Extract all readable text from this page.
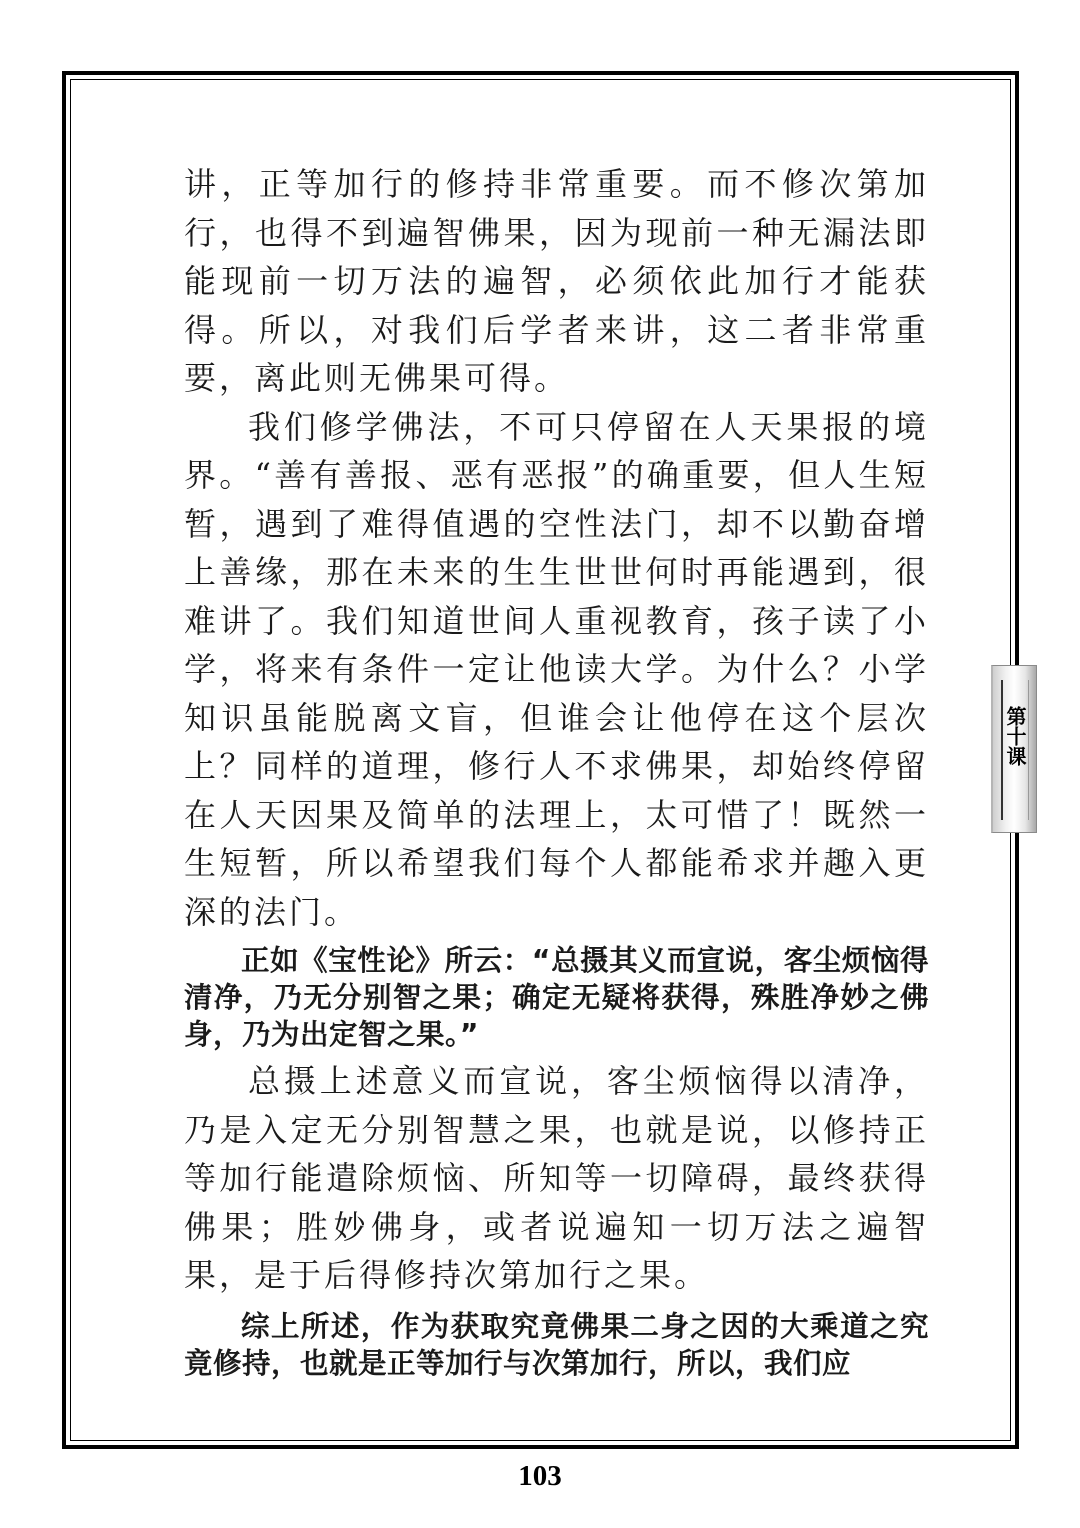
讲，正等加行的修持非常重要。而不修次第加行，也得不到遍智佛果，因为现前一种无漏法即能现前一切万法的遍智，必须依此加行才能获得。所以，对我们后学者来讲，这二者非常重要，离此则无佛果可得。

我们修学佛法，不可只停留在人天果报的境界。“善有善报、恶有恶报”的确重要，但人生短暂，遇到了难得值遇的空性法门，却不以勤奋增上善缘，那在未来的生生世世何时再能遇到，很难讲了。我们知道世间人重视教育，孩子读了小学，将来有条件一定让他读大学。为什么？小学知识虽能脱离文盲，但谁会让他停在这个层次上？同样的道理，修行人不求佛果，却始终停留在人天因果及简单的法理上，太可惜了！既然一生短暂，所以希望我们每个人都能希求并趣入更深的法门。

正如《宝性论》所云：“总摄其义而宣说，客尘烦恼得清净，乃无分别智之果；确定无疑将获得，殊胜净妙之佛身，乃为出定智之果。”

总摄上述意义而宣说，客尘烦恼得以清净，乃是入定无分别智慧之果，也就是说，以修持正等加行能遣除烦恼、所知等一切障碍，最终获得佛果；胜妙佛身，或者说遍知一切万法之遍智果，是于后得修持次第加行之果。

综上所述，作为获取究竟佛果二身之因的大乘道之究竟修持，也就是正等加行与次第加行，所以，我们应

第十课
103
